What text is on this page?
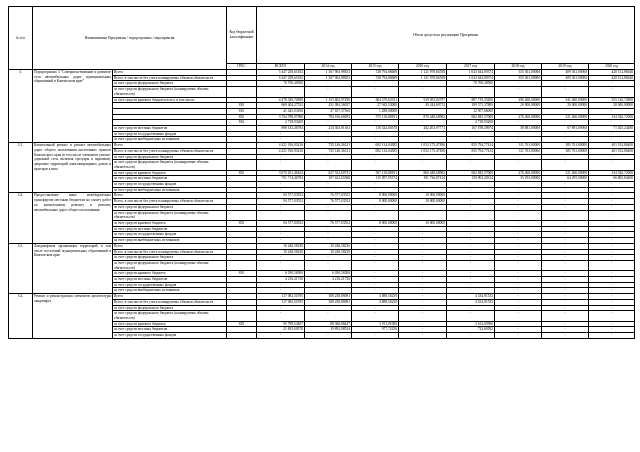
№ п/п	Наименование Программы / подпрограммы / мероприятия		Код бюджетной классификации	Объем средств на реализацию Программы							
			ГРБС	ВСЕГО	2014 год	2015 год	2016 год	2017 год	2018 год	2019 год	2020 год
3.	Подпрограмма 3 "Совершенствование и развитие сети автомобильных дорог муниципальных образований в Камчатском крае"	Всего		5 447 258,65182	1 367 963,98653	728 794,86689	1 121 978,84558	1 043 644,09374	355 361,00000	409 361,00000	420 152,86640
		Всего, в том числе без учета планируемых объемов обязательств		5 447 258,65182	1 367 963,98653	728 794,86689	1 121 978,84558	1 043 644,09374	355 361,00000	409 361,00000	420 152,86640
		за счет средств федерального бюджета		70 706,40500	-	-	-	70 706,40500	-	-	-
		за счет средств федерального бюджета (планируемые объемы обязательств)		-	-	-	-	-	-	-	-
		за счет средств краевого бюджета всего, в том числе:		4 478 349,74898	1 153 602,97290	604 270,62011	919 055,82797	887 719,33200	296 460,00000	341 460,00000	355 126,72800
			810	669 404,27552	431 084,36037	27 945,53000	49 244,60713	109 571,37800	20 000,00000	20 000,00000	20 000,00000
			816	41 445,03160	27 657,37160	1 288,00000	-	12 507,66000	-	-	-
			835	3 764 788,07986	784 106,66093	575 136,88811	870 448,60982	682 845,57000	276 460,00000	321 460,00000	334 326,72000
			816	2 718,93200	-	-	-	2 718,93200	-	-	-
		за счет средств местных бюджетов		898 143,46784	214 363,01363	116 524,04678	202 203,97771	167 198,28974	58 881,00000	67 891,00000	71 025,24480
		за счет средств государственных фондов		-	-	-	-	-	-	-	-
		за счет средств внебюджетных источников		-	-	-	-	-	-	-	-
3.1.	Капитальный ремонт и ремонт автомобильных дорог общего пользования населенных пунктов Камчатского края (в том числе элементов улично-дорожной сети, включая тротуары и парковки), дворовых территорий многоквартирных домов и проездов к ним	Всего		4 421 916,93416	735 146,36121	682 134,04385	1 052 175,47496	835 794,77414	311 761,00000	385 761,00000	401 192,86400
		Всего, в том числе без учета планируемых объемов обязательств		4 421 916,93416	735 146,36121	682 134,04385	1 052 175,47496	835 794,77414	311 761,00000	385 761,00000	401 192,86400
		за счет средств федерального бюджета		-	-	-	-	-	-	-	-
		за счет средств федерального бюджета (планируемые объемы обязательств)		-	-	-	-	-	-	-	-
		за счет средств краевого бюджета	835	3 670 201,46424	627 523,60741	567 136,88811	860 448,60982	682 845,57000	276 460,00000	321 460,00000	334 326,72000
		за счет средств местных бюджетов		751 714,46782	107 622,65380	115 097,95574	191 726,87414	150 903,20314	35 293,00000	64 295,00000	66 865,84400
		за счет средств государственных фондов		-	-	-	-	-	-	-	-
		за счет средств внебюджетных источников		-	-	-	-	-	-	-	-
3.2.	Предоставление иных межбюджетных трансфертов местным бюджетам на оплату работ по капитальному ремонту и ремонту автомобильных дорог общего пользования	Всего		94 577,03552	76 577,03552	8 000,00000	10 000,00000	-	-	-	-
		Всего, в том числе без учета планируемых объемов обязательств		94 577,03552	76 577,03552	8 000,00000	10 000,00000	-	-	-	-
		за счет средств федерального бюджета		-	-	-	-	-	-	-	-
		за счет средств федерального бюджета (планируемые объемы обязательств)		-	-	-	-	-	-	-	-
		за счет средств краевого бюджета	835	94 577,03552	76 577,03552	8 000,00000	10 000,00000	-	-	-	-
		за счет средств местных бюджетов		-	-	-	-	-	-	-	-
		за счет средств государственных фондов		-	-	-	-	-	-	-	-
		за счет средств внебюджетных источников		-	-	-	-	-	-	-	-
3.3.	Ландшафтная организация территорий, в том числе поселений муниципальных образований в Камчатском крае	Всего		10 246,58230	10 246,58230	-	-	-	-	-	-
		Всего, в том числе без учета планируемых объемов обязательств		10 246,58230	10 246,58230	-	-	-	-	-	-
		за счет средств федерального бюджета		-	-	-	-	-	-	-	-
		за счет средств федерального бюджета (планируемые объемы обязательств)		-	-	-	-	-	-	-	-
		за счет средств краевого бюджета	810	6 030,56500	6 030,56500	-	-	-	-	-	-
		за счет средств местных бюджетов		4 216,21730	4 216,21730	-	-	-	-	-	-
		за счет средств государственных фондов		-	-	-	-	-	-	-	-
		за счет средств внебюджетных источников		-	-	-	-	-	-	-	-
3.4.	Ремонт и реконструкция элементов архитектуры ландшафта	Всего		117 082,54785	308 258,86981	4 888,56250	-	4 334,91552	-	-	-
		Всего, в том числе без учета планируемых объемов обязательств		117 082,54785	308 258,86981	4 888,56250	-	4 334,91552	-	-	-
		за счет средств федерального бюджета		-	-	-	-	-	-	-	-
		за счет средств федерального бюджета (планируемые объемы обязательств)		-	-	-	-	-	-	-	-
		за счет средств краевого бюджета	810	95 789,54407	88 366,88447	3 911,01000	-	3 612,65960	-	-	-
		за счет средств местных бюджетов		21 693,00378	19 892,98534	977,72250	-	722,69592	-	-	-
		за счет средств государственных фондов		-	-	-	-	-	-	-	-
